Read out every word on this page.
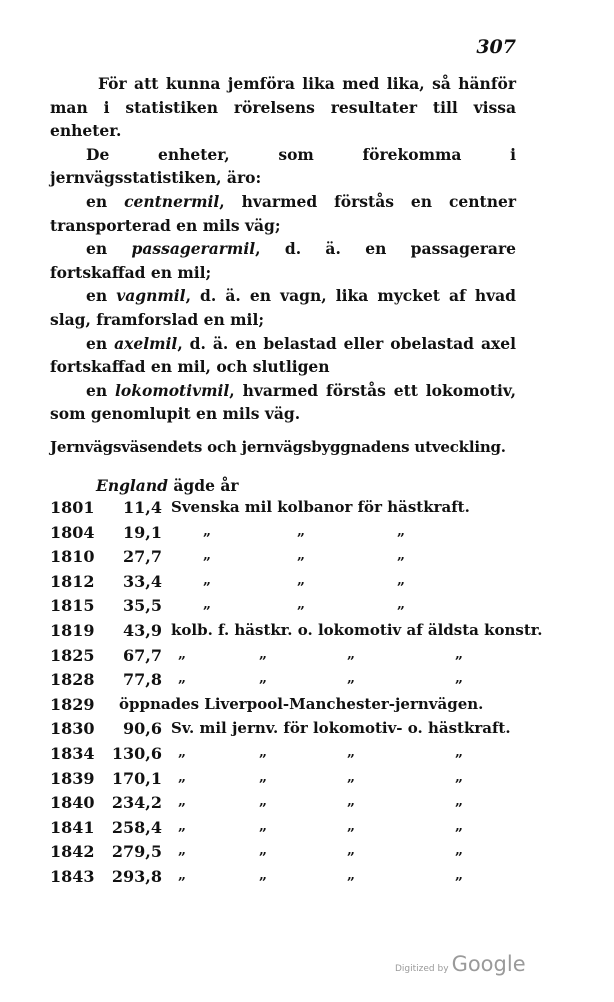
307

För att kunna jemföra lika med lika, så hänför man i statistiken rörelsens resultater till vissa enheter.

De enheter, som förekomma i jernvägsstatistiken, äro:

en centnermil, hvarmed förstås en centner transporterad en mils väg;

en passagerarmil, d. ä. en passagerare fortskaffad en mil;

en vagnmil, d. ä. en vagn, lika mycket af hvad slag, framforslad en mil;

en axelmil, d. ä. en belastad eller obelastad axel fortskaffad en mil, och slutligen

en lokomotivmil, hvarmed förstås ett lokomotiv, som genomlupit en mils väg.

Jernvägsväsendets och jernvägsbyggnadens utveckling.
England ägde år
1801	11,4 Svenska mil kolbanor för hästkraft.
1804	19,1	„	„	„
1810	27,7	„	„	„
1812	33,4	„	„	„
1815	35,5	„	„	„
1819	43,9 kolb. f. hästkr. o. lokomotiv af äldsta konstr.
1825	67,7 „	„	„	„
1828	77,8 „	„	„	„
1829 öppnades Liverpool-Manchester-jernvägen.
1830	90,6 Sv. mil jernv. för lokomotiv- o. hästkraft.
1834 130,6 „	„	„	„
1839 170,1 „	„	„	„
1840 234,2 „	„	„	„
1841 258,4 „	„	„	„
1842 279,5 „	„	„	„
1843 293,8 „	„	„	„
Digitized by Google
